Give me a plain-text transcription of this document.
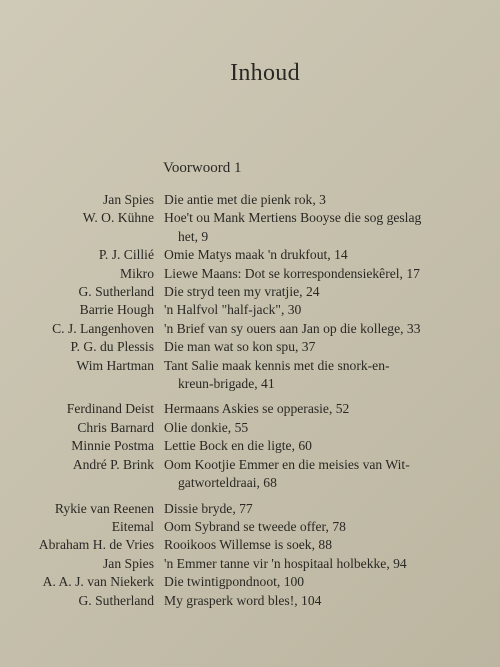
Inhoud
Voorwoord 1
Jan Spies Die antie met die pienk rok, 3
W. O. Kühne Hoe't ou Mank Mertiens Booyse die sog geslag
het, 9
P. J. Cillié Omie Matys maak 'n drukfout, 14
Mikro Liewe Maans: Dot se korrespondensiekêrel, 17
G. Sutherland Die stryd teen my vratjie, 24
Barrie Hough 'n Halfvol "half-jack", 30
C. J. Langenhoven 'n Brief van sy ouers aan Jan op die kollege, 33
P. G. du Plessis Die man wat so kon spu, 37
Wim Hartman Tant Salie maak kennis met die snork-en-
kreun-brigade, 41
Ferdinand Deist Hermaans Askies se opperasie, 52
Chris Barnard Olie donkie, 55
Minnie Postma Lettie Bock en die ligte, 60
André P. Brink Oom Kootjie Emmer en die meisies van Wit-
gatworteldraai, 68
Rykie van Reenen Dissie bryde, 77
Eitemal Oom Sybrand se tweede offer, 78
Abraham H. de Vries Rooikoos Willemse is soek, 88
Jan Spies 'n Emmer tanne vir 'n hospitaal holbekke, 94
A. A. J. van Niekerk Die twintigpondnoot, 100
G. Sutherland My grasperk word bles!, 104
